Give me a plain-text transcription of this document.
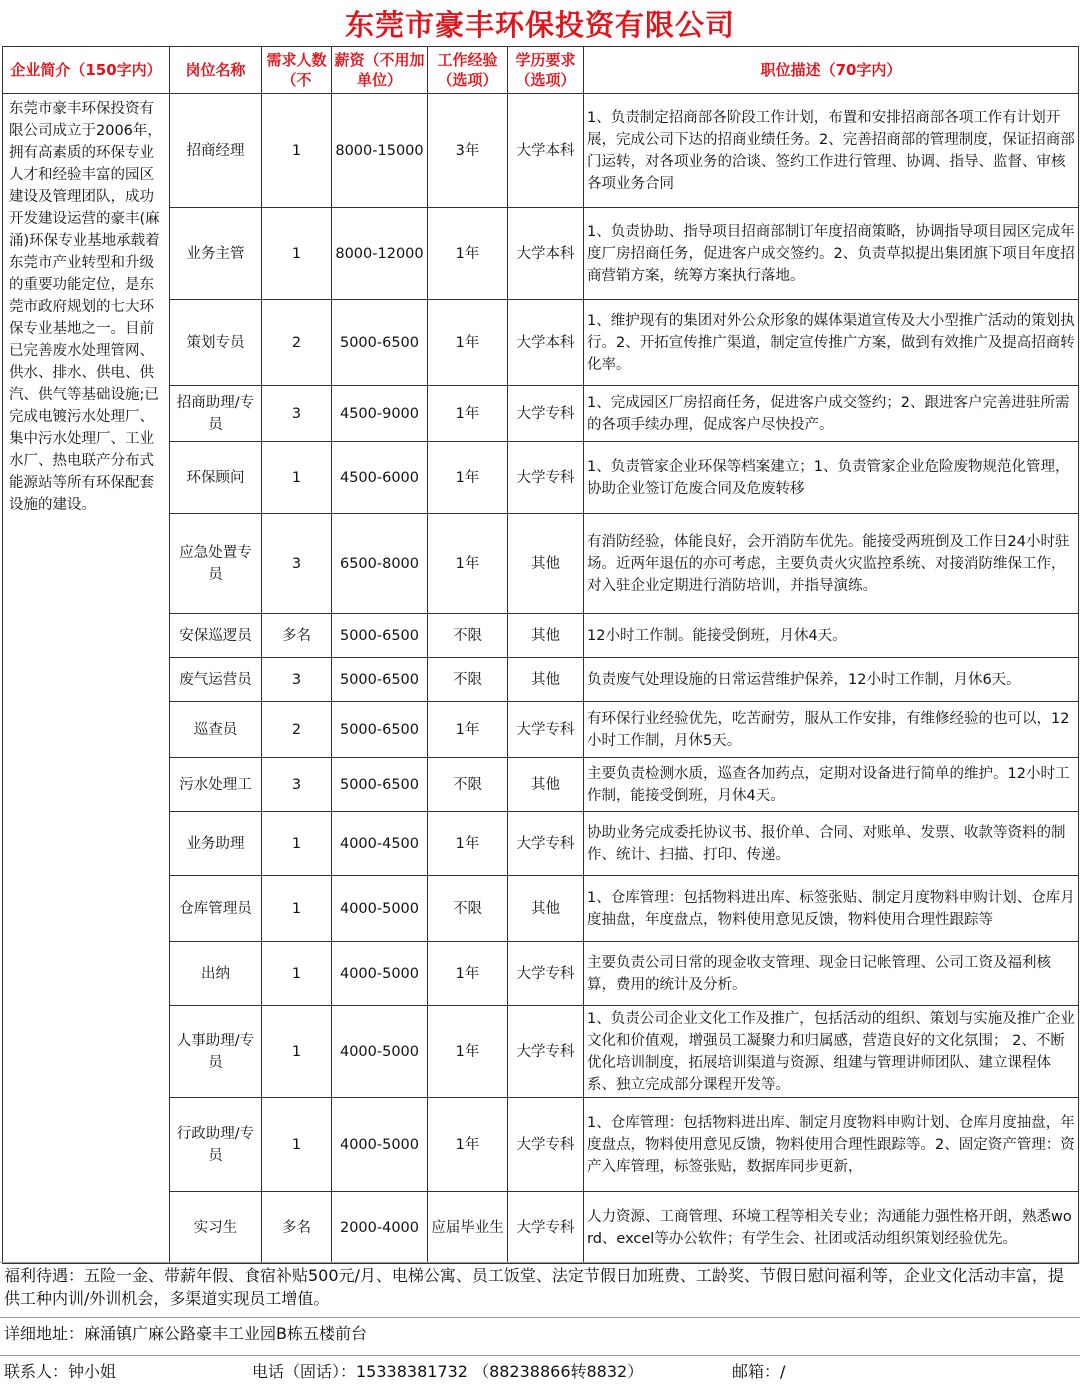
东莞市豪丰环保投资有限公司
企业简介（150字内）	岗位名称	需求人数（不	薪资（不用加单位）	工作经验（选项）	学历要求（选项）	职位描述（70字内）
东莞市豪丰环保投资有限公司成立于2006年，拥有高素质的环保专业人才和经验丰富的园区建设及管理团队，成功开发建设运营的豪丰(麻涌)环保专业基地承载着东莞市产业转型和升级的重要功能定位，是东莞市政府规划的七大环保专业基地之一。目前已完善废水处理管网、供水、排水、供电、供汽、供气等基础设施;已完成电镀污水处理厂、集中污水处理厂、工业水厂、热电联产分布式能源站等所有环保配套设施的建设。	招商经理	1	8000-15000	3年	大学本科	1、负责制定招商部各阶段工作计划，布置和安排招商部各项工作有计划开展，完成公司下达的招商业绩任务。2、完善招商部的管理制度，保证招商部门运转，对各项业务的洽谈、签约工作进行管理、协调、指导、监督、审核各项业务合同
	业务主管	1	8000-12000	1年	大学本科	1、负责协助、指导项目招商部制订年度招商策略，协调指导项目园区完成年度厂房招商任务，促进客户成交签约。2、负责草拟提出集团旗下项目年度招商营销方案，统筹方案执行落地。
	策划专员	2	5000-6500	1年	大学本科	1、维护现有的集团对外公众形象的媒体渠道宣传及大小型推广活动的策划执行。2、开拓宣传推广渠道，制定宣传推广方案，做到有效推广及提高招商转化率。
	招商助理/专员	3	4500-9000	1年	大学专科	1、完成园区厂房招商任务，促进客户成交签约；2、跟进客户完善进驻所需的各项手续办理，促成客户尽快投产。
	环保顾问	1	4500-6000	1年	大学专科	1、负责管家企业环保等档案建立；1、负责管家企业危险废物规范化管理，协助企业签订危废合同及危废转移
	应急处置专员	3	6500-8000	1年	其他	有消防经验，体能良好，会开消防车优先。能接受两班倒及工作日24小时驻场。近两年退伍的亦可考虑，主要负责火灾监控系统、对接消防维保工作，对入驻企业定期进行消防培训，并指导演练。
	安保巡逻员	多名	5000-6500	不限	其他	12小时工作制。能接受倒班，月休4天。
	废气运营员	3	5000-6500	不限	其他	负责废气处理设施的日常运营维护保养，12小时工作制，月休6天。
	巡查员	2	5000-6500	1年	大学专科	有环保行业经验优先，吃苦耐劳，服从工作安排，有维修经验的也可以，12小时工作制，月休5天。
	污水处理工	3	5000-6500	不限	其他	主要负责检测水质，巡查各加药点，定期对设备进行简单的维护。12小时工作制，能接受倒班，月休4天。
	业务助理	1	4000-4500	1年	大学专科	协助业务完成委托协议书、报价单、合同、对账单、发票、收款等资料的制作、统计、扫描、打印、传递。
	仓库管理员	1	4000-5000	不限	其他	1、仓库管理：包括物料进出库、标签张贴、制定月度物料申购计划、仓库月度抽盘，年度盘点，物料使用意见反馈，物料使用合理性跟踪等
	出纳	1	4000-5000	1年	大学专科	主要负责公司日常的现金收支管理、现金日记帐管理、公司工资及福利核算，费用的统计及分析。
	人事助理/专员	1	4000-5000	1年	大学专科	1、负责公司企业文化工作及推广，包括活动的组织、策划与实施及推广企业文化和价值观，增强员工凝聚力和归属感，营造良好的文化氛围； 2、不断优化培训制度，拓展培训渠道与资源、组建与管理讲师团队、建立课程体系、独立完成部分课程开发等。
	行政助理/专员	1	4000-5000	1年	大学专科	1、仓库管理：包括物料进出库、制定月度物料申购计划、仓库月度抽盘，年度盘点，物料使用意见反馈，物料使用合理性跟踪等。2、固定资产管理：资产入库管理，标签张贴，数据库同步更新，
	实习生	多名	2000-4000	应届毕业生	大学专科	人力资源、工商管理、环境工程等相关专业；沟通能力强性格开朗，熟悉word、excel等办公软件；有学生会、社团或活动组织策划经验优先。
福利待遇：五险一金、带薪年假、食宿补贴500元/月、电梯公寓、员工饭堂、法定节假日加班费、工龄奖、节假日慰问福利等，企业文化活动丰富，提供工种内训/外训机会，多渠道实现员工增值。
详细地址：麻涌镇广麻公路豪丰工业园B栋五楼前台
联系人：钟小姐	电话（固话）：15338381732 （88238866转8832）	邮箱：/
